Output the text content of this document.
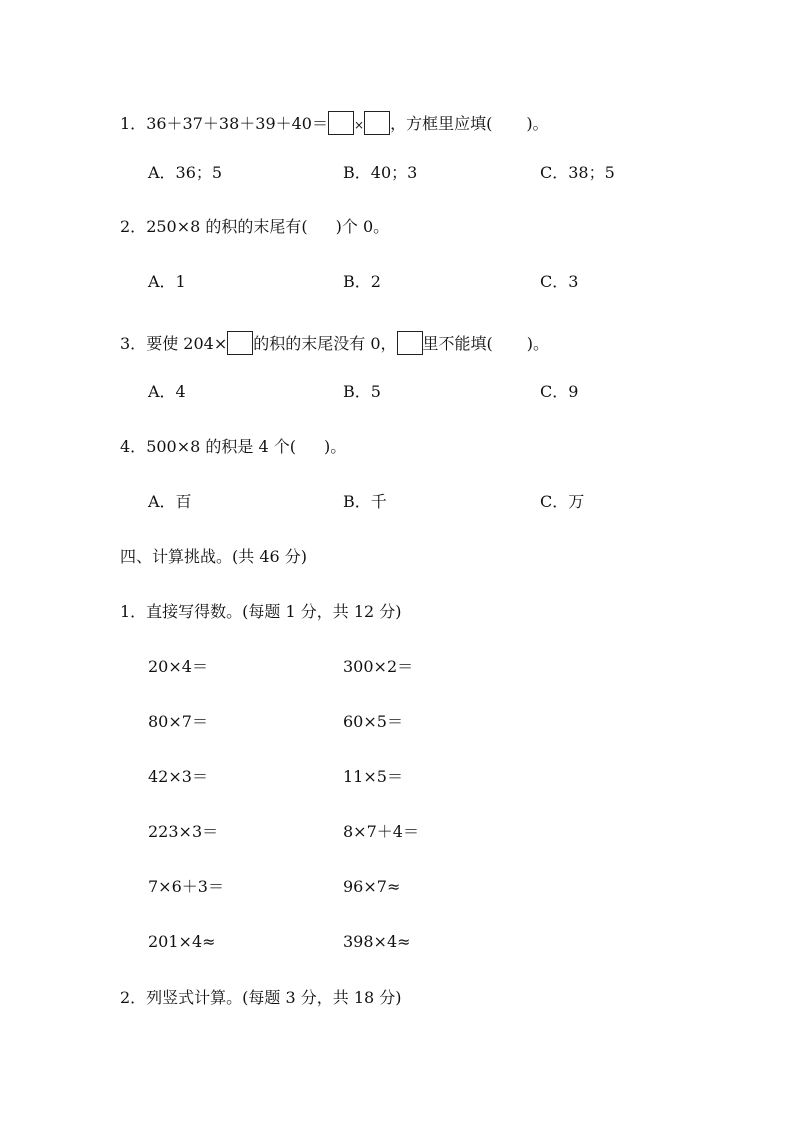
1．36＋37＋38＋39＋40＝ × ，方框里应填( )。
A．36；5	B．40；3	C．38；5
2．250×8 的积的末尾有( )个 0。
A．1	B．2	C．3
3．要使 204× 的积的末尾没有 0， 里不能填( )。
A．4	B．5	C．9
4．500×8 的积是 4 个( )。
A．百	B．千	C．万
四、计算挑战。(共 46 分)
1．直接写得数。(每题 1 分，共 12 分)
20×4＝	300×2＝
80×7＝	60×5＝
42×3＝	11×5＝
223×3＝	8×7＋4＝
7×6＋3＝	96×7≈
201×4≈	398×4≈
2．列竖式计算。(每题 3 分，共 18 分)
